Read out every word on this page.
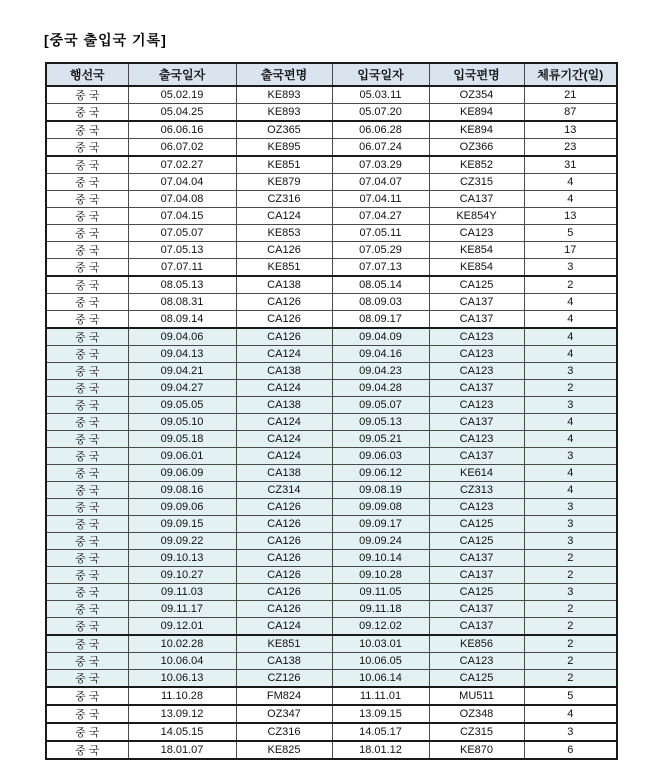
[중국 출입국 기록]
행선국	출국일자	출국편명	입국일자	입국편명	체류기간(일)
중 국	05.02.19	KE893	05.03.11	OZ354	21
중 국	05.04.25	KE893	05.07.20	KE894	87
중 국	06.06.16	OZ365	06.06.28	KE894	13
중 국	06.07.02	KE895	06.07.24	OZ366	23
중 국	07.02.27	KE851	07.03.29	KE852	31
중 국	07.04.04	KE879	07.04.07	CZ315	4
중 국	07.04.08	CZ316	07.04.11	CA137	4
중 국	07.04.15	CA124	07.04.27	KE854Y	13
중 국	07.05.07	KE853	07.05.11	CA123	5
중 국	07.05.13	CA126	07.05.29	KE854	17
중 국	07.07.11	KE851	07.07.13	KE854	3
중 국	08.05.13	CA138	08.05.14	CA125	2
중 국	08.08.31	CA126	08.09.03	CA137	4
중 국	08.09.14	CA126	08.09.17	CA137	4
중 국	09.04.06	CA126	09.04.09	CA123	4
중 국	09.04.13	CA124	09.04.16	CA123	4
중 국	09.04.21	CA138	09.04.23	CA123	3
중 국	09.04.27	CA124	09.04.28	CA137	2
중 국	09.05.05	CA138	09.05.07	CA123	3
중 국	09.05.10	CA124	09.05.13	CA137	4
중 국	09.05.18	CA124	09.05.21	CA123	4
중 국	09.06.01	CA124	09.06.03	CA137	3
중 국	09.06.09	CA138	09.06.12	KE614	4
중 국	09.08.16	CZ314	09.08.19	CZ313	4
중 국	09.09.06	CA126	09.09.08	CA123	3
중 국	09.09.15	CA126	09.09.17	CA125	3
중 국	09.09.22	CA126	09.09.24	CA125	3
중 국	09.10.13	CA126	09.10.14	CA137	2
중 국	09.10.27	CA126	09.10.28	CA137	2
중 국	09.11.03	CA126	09.11.05	CA125	3
중 국	09.11.17	CA126	09.11.18	CA137	2
중 국	09.12.01	CA124	09.12.02	CA137	2
중 국	10.02.28	KE851	10.03.01	KE856	2
중 국	10.06.04	CA138	10.06.05	CA123	2
중 국	10.06.13	CZ126	10.06.14	CA125	2
중 국	11.10.28	FM824	11.11.01	MU511	5
중 국	13.09.12	OZ347	13.09.15	OZ348	4
중 국	14.05.15	CZ316	14.05.17	CZ315	3
중 국	18.01.07	KE825	18.01.12	KE870	6
